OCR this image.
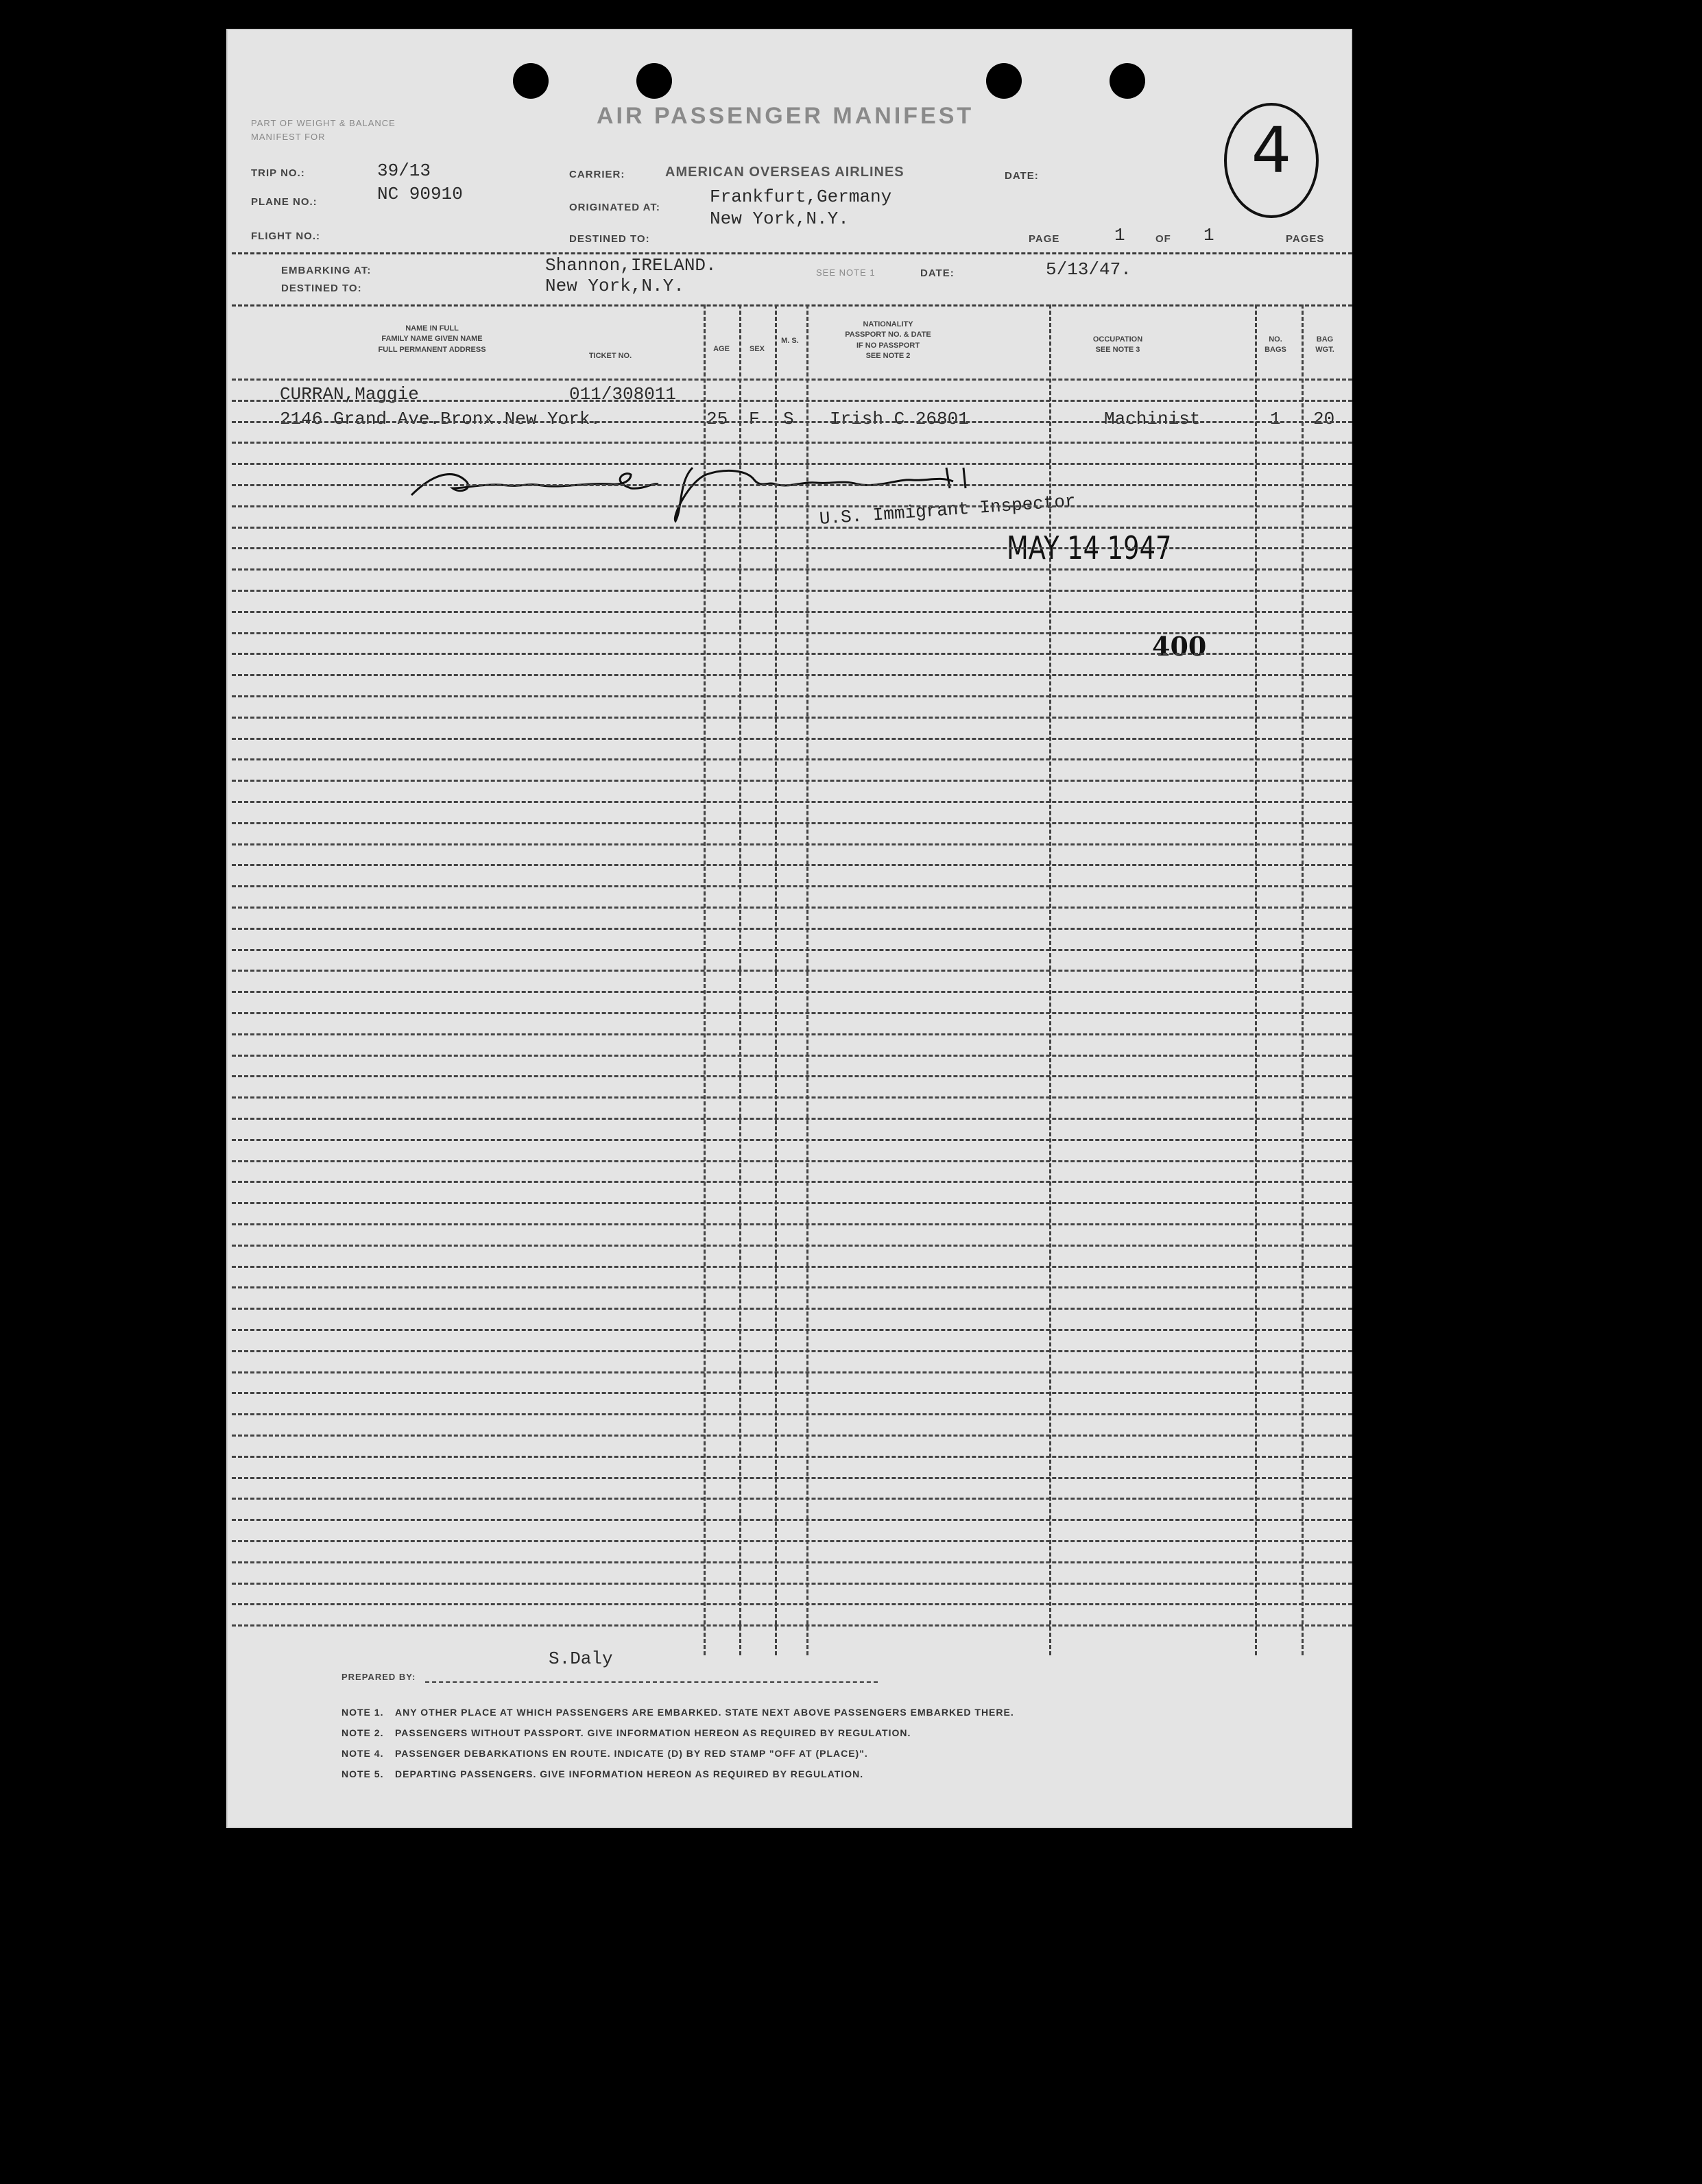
PART OF WEIGHT & BALANCE
MANIFEST FOR
AIR PASSENGER MANIFEST
TRIP NO.:
PLANE NO.:
FLIGHT NO.:
39/13
NC 90910
CARRIER:	AMERICAN OVERSEAS AIRLINES
ORIGINATED AT:
Frankfurt,Germany
New York,N.Y.
DESTINED TO:
DATE:
PAGE	1	OF 1	PAGES
4
EMBARKING AT:
DESTINED TO:
Shannon,IRELAND.
New York,N.Y.
SEE NOTE 1	DATE:	5/13/47.
NAME IN FULL
FAMILY NAME GIVEN NAME
FULL PERMANENT ADDRESS
TICKET NO.
AGE	SEX
M. S.
NATIONALITY
PASSPORT NO. & DATE
IF NO PASSPORT
SEE NOTE 2
OCCUPATION
SEE NOTE 3
NO.
BAGS
BAG
WGT.
CURRAN,Maggie	011/308011
2146 Grand Ave.Bronx.New York.	25 F S Irish C 26801	Machinist	1 20
U.S. Immigrant Inspector
MAY 14 1947
400
PREPARED BY:
S.Daly
NOTE 1. ANY OTHER PLACE AT WHICH PASSENGERS ARE EMBARKED. STATE NEXT ABOVE PASSENGERS EMBARKED THERE.
NOTE 2. PASSENGERS WITHOUT PASSPORT. GIVE INFORMATION HEREON AS REQUIRED BY REGULATION.
NOTE 4. PASSENGER DEBARKATIONS EN ROUTE. INDICATE (D) BY RED STAMP "OFF AT (PLACE)".
NOTE 5. DEPARTING PASSENGERS. GIVE INFORMATION HEREON AS REQUIRED BY REGULATION.
